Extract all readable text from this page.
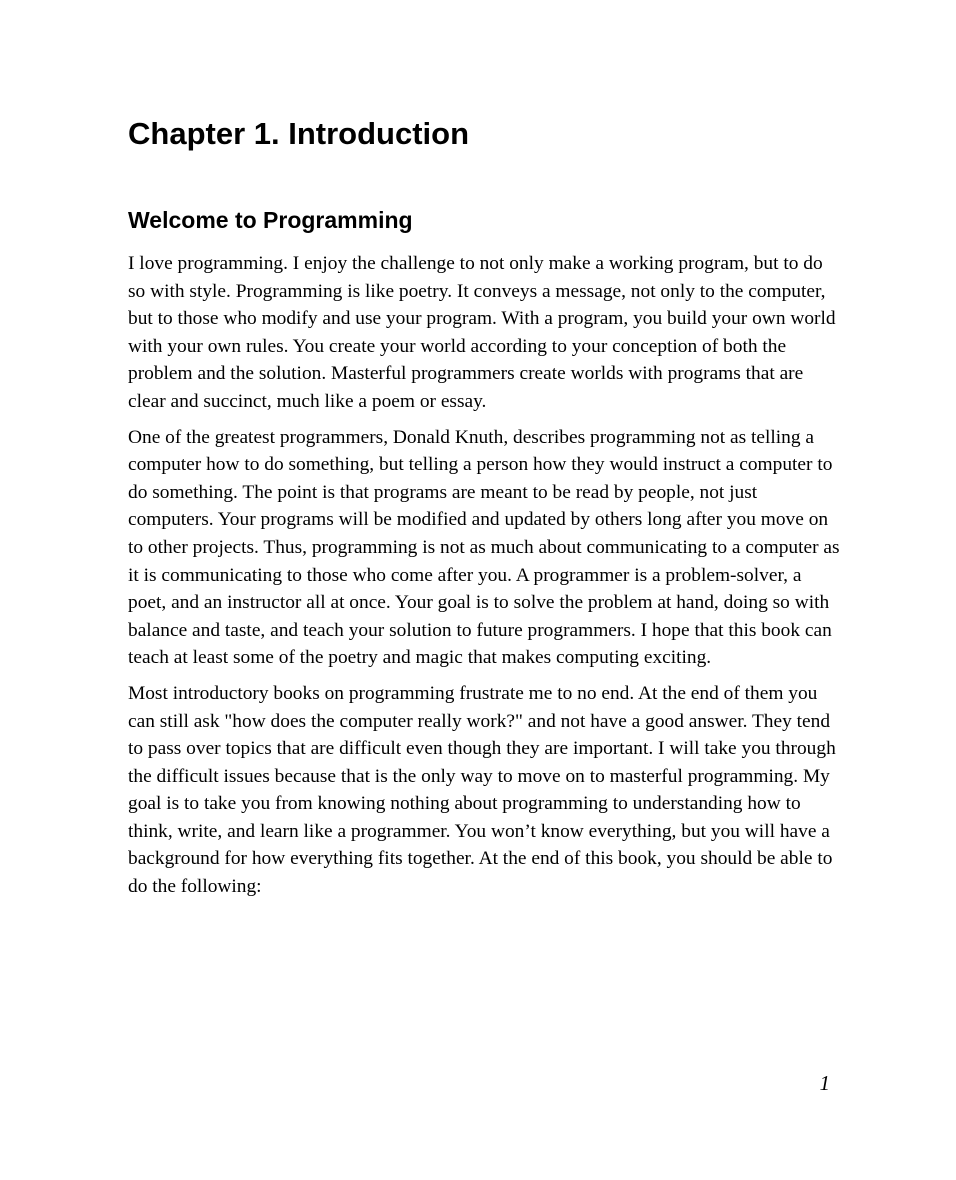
Chapter 1. Introduction
Welcome to Programming

I love programming. I enjoy the challenge to not only make a working program, but to do so with style. Programming is like poetry. It conveys a message, not only to the computer, but to those who modify and use your program. With a program, you build your own world with your own rules. You create your world according to your conception of both the problem and the solution. Masterful programmers create worlds with programs that are clear and succinct, much like a poem or essay.

One of the greatest programmers, Donald Knuth, describes programming not as telling a computer how to do something, but telling a person how they would instruct a computer to do something. The point is that programs are meant to be read by people, not just computers. Your programs will be modified and updated by others long after you move on to other projects. Thus, programming is not as much about communicating to a computer as it is communicating to those who come after you. A programmer is a problem-solver, a poet, and an instructor all at once. Your goal is to solve the problem at hand, doing so with balance and taste, and teach your solution to future programmers. I hope that this book can teach at least some of the poetry and magic that makes computing exciting.

Most introductory books on programming frustrate me to no end. At the end of them you can still ask "how does the computer really work?" and not have a good answer. They tend to pass over topics that are difficult even though they are important. I will take you through the difficult issues because that is the only way to move on to masterful programming. My goal is to take you from knowing nothing about programming to understanding how to think, write, and learn like a programmer. You won’t know everything, but you will have a background for how everything fits together. At the end of this book, you should be able to do the following:

1
